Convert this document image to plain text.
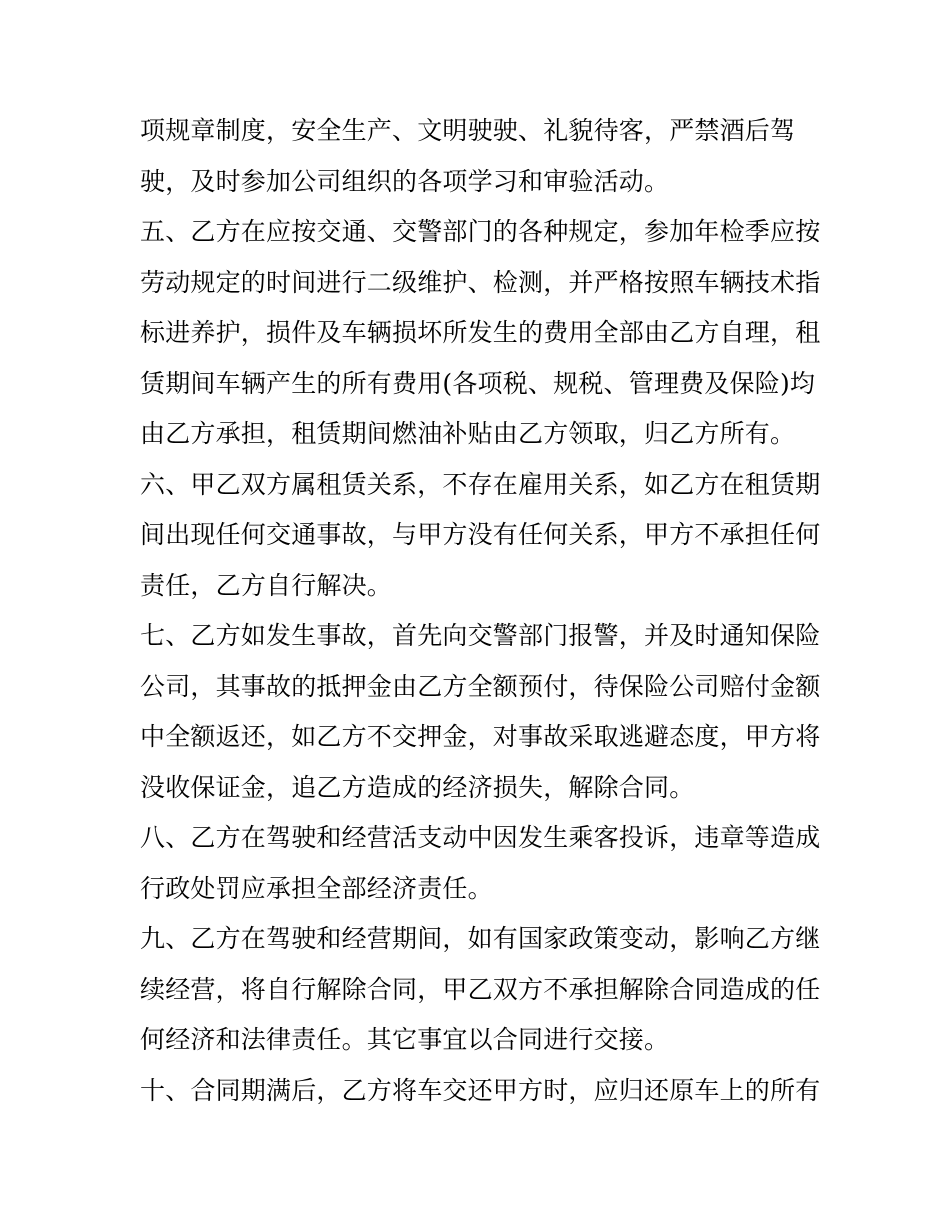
项规章制度，安全生产、文明驶驶、礼貌待客，严禁酒后驾
驶，及时参加公司组织的各项学习和审验活动。
五、乙方在应按交通、交警部门的各种规定，参加年检季应按
劳动规定的时间进行二级维护、检测，并严格按照车辆技术指
标进养护，损件及车辆损坏所发生的费用全部由乙方自理，租
赁期间车辆产生的所有费用(各项税、规税、管理费及保险)均
由乙方承担，租赁期间燃油补贴由乙方领取，归乙方所有。
六、甲乙双方属租赁关系，不存在雇用关系，如乙方在租赁期
间出现任何交通事故，与甲方没有任何关系，甲方不承担任何
责任，乙方自行解决。
七、乙方如发生事故，首先向交警部门报警，并及时通知保险
公司，其事故的抵押金由乙方全额预付，待保险公司赔付金额
中全额返还，如乙方不交押金，对事故采取逃避态度，甲方将
没收保证金，追乙方造成的经济损失，解除合同。
八、乙方在驾驶和经营活支动中因发生乘客投诉，违章等造成
行政处罚应承担全部经济责任。
九、乙方在驾驶和经营期间，如有国家政策变动，影响乙方继
续经营，将自行解除合同，甲乙双方不承担解除合同造成的任
何经济和法律责任。其它事宜以合同进行交接。
十、合同期满后，乙方将车交还甲方时，应归还原车上的所有
